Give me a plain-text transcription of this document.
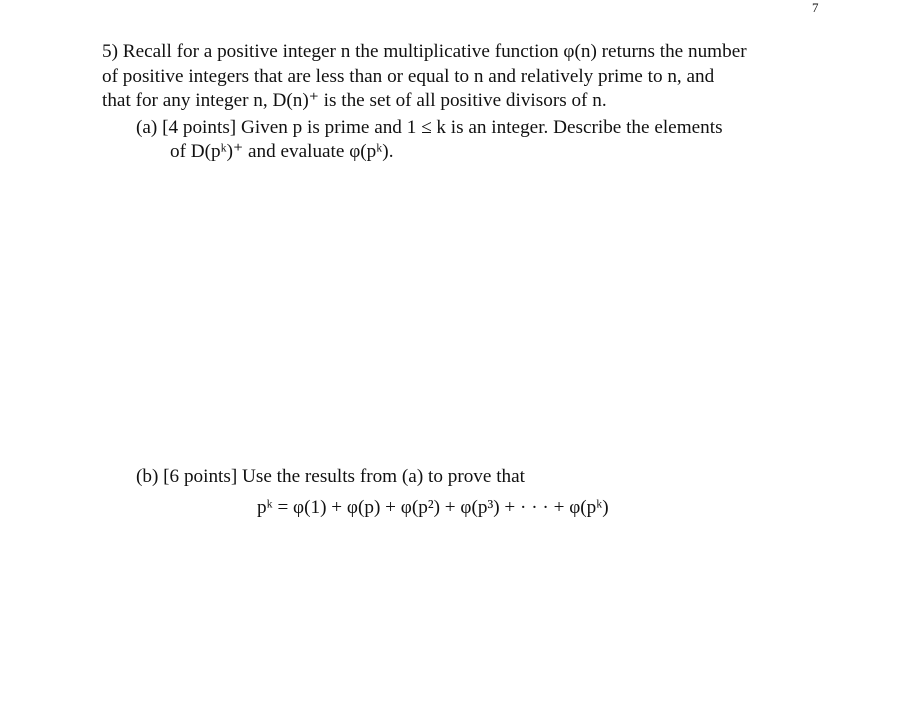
7
5) Recall for a positive integer n the multiplicative function φ(n) returns the number
of positive integers that are less than or equal to n and relatively prime to n, and
that for any integer n, D(n)⁺ is the set of all positive divisors of n.
(a) [4 points] Given p is prime and 1 ≤ k is an integer. Describe the elements
of D(pᵏ)⁺ and evaluate φ(pᵏ).
(b) [6 points] Use the results from (a) to prove that
pᵏ = φ(1) + φ(p) + φ(p²) + φ(p³) + · · · + φ(pᵏ)
